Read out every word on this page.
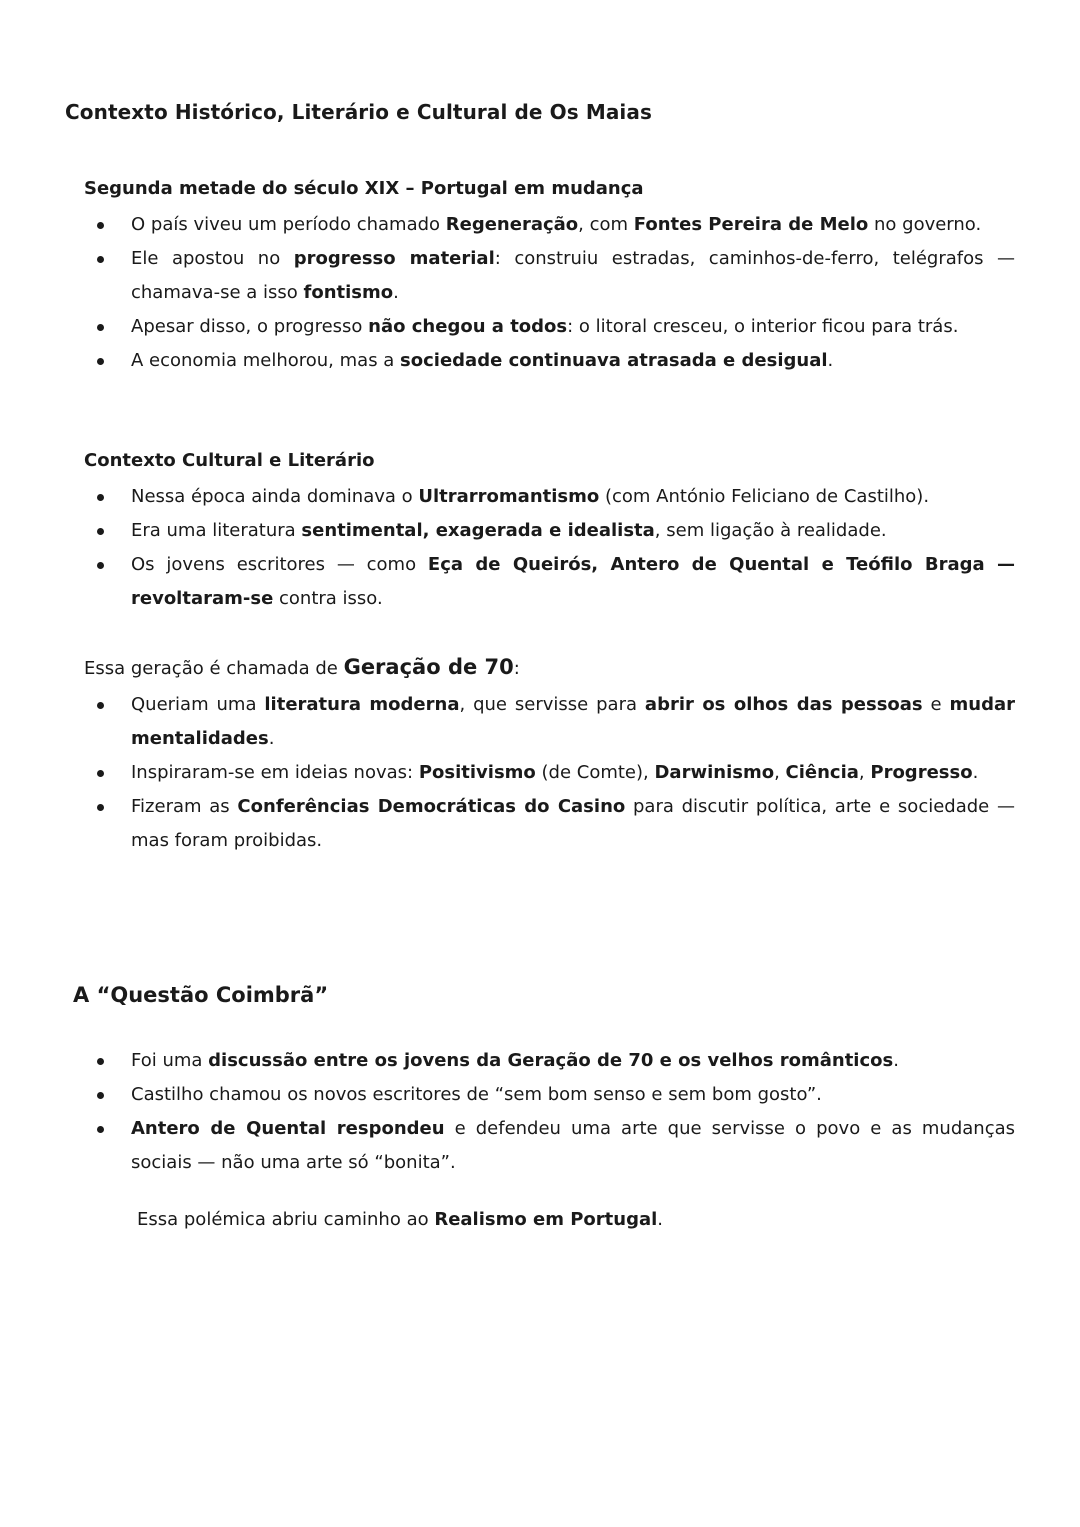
Contexto Histórico, Literário e Cultural de Os Maias
Segunda metade do século XIX – Portugal em mudança
O país viveu um período chamado Regeneração, com Fontes Pereira de Melo no governo.
Ele apostou no progresso material: construiu estradas, caminhos-de-ferro, telégrafos — chamava-se a isso fontismo.
Apesar disso, o progresso não chegou a todos: o litoral cresceu, o interior ficou para trás.
A economia melhorou, mas a sociedade continuava atrasada e desigual.
Contexto Cultural e Literário
Nessa época ainda dominava o Ultrarromantismo (com António Feliciano de Castilho).
Era uma literatura sentimental, exagerada e idealista, sem ligação à realidade.
Os jovens escritores — como Eça de Queirós, Antero de Quental e Teófilo Braga — revoltaram-se contra isso.

Essa geração é chamada de Geração de 70:

Queriam uma literatura moderna, que servisse para abrir os olhos das pessoas e mudar mentalidades.
Inspiraram-se em ideias novas: Positivismo (de Comte), Darwinismo, Ciência, Progresso.
Fizeram as Conferências Democráticas do Casino para discutir política, arte e sociedade — mas foram proibidas.
A “Questão Coimbrã”
Foi uma discussão entre os jovens da Geração de 70 e os velhos românticos.
Castilho chamou os novos escritores de “sem bom senso e sem bom gosto”.
Antero de Quental respondeu e defendeu uma arte que servisse o povo e as mudanças sociais — não uma arte só “bonita”.

Essa polémica abriu caminho ao Realismo em Portugal.
